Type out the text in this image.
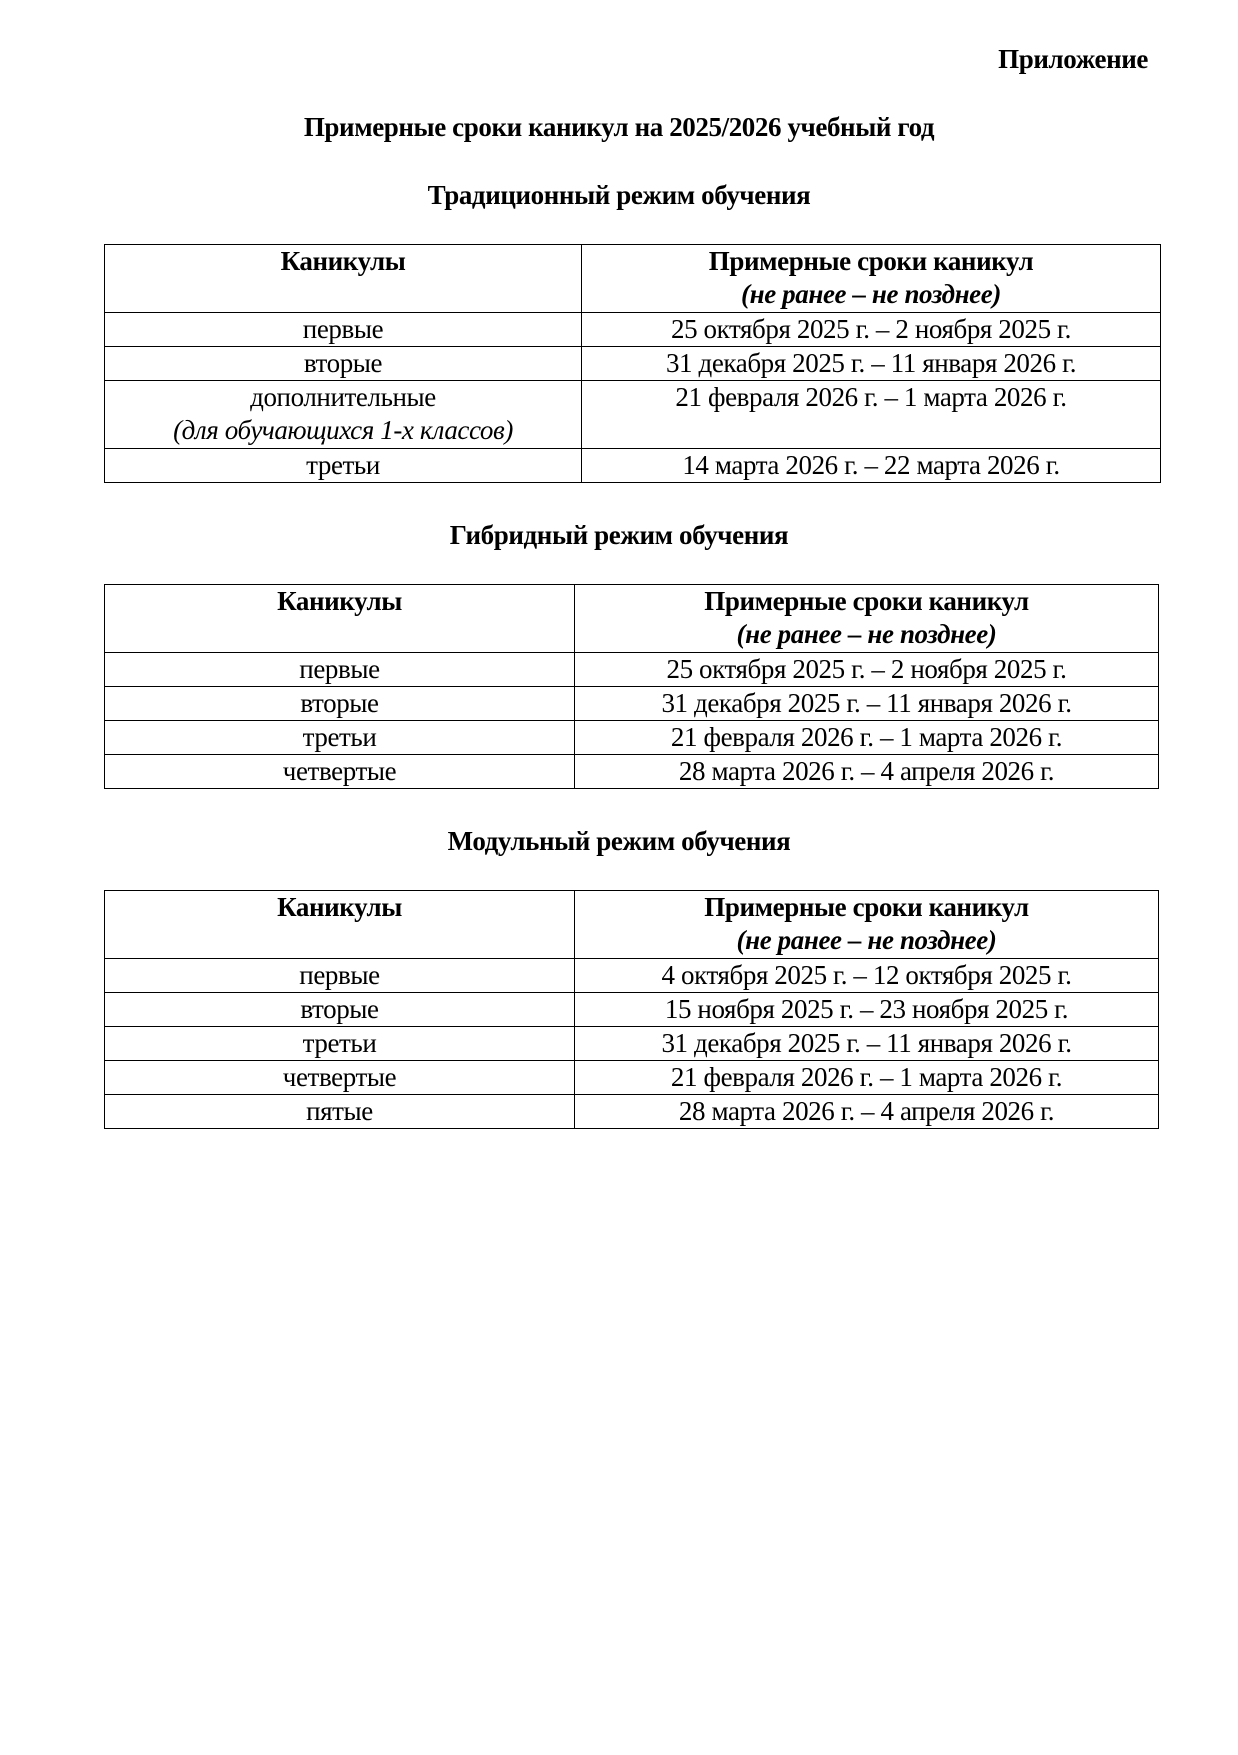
Приложение
Примерные сроки каникул на 2025/2026 учебный год
Традиционный режим обучения
Каникулы	Примерные сроки каникул
(не ранее – не позднее)

первые	25 октября 2025 г. – 2 ноября 2025 г.
вторые	31 декабря 2025 г. – 11 января 2026 г.
дополнительные
(для обучающихся 1-х классов)	21 февраля 2026 г. – 1 марта 2026 г.
третьи	14 марта 2026 г. – 22 марта 2026 г.
Гибридный режим обучения
Каникулы	Примерные сроки каникул
(не ранее – не позднее)

первые	25 октября 2025 г. – 2 ноября 2025 г.
вторые	31 декабря 2025 г. – 11 января 2026 г.
третьи	21 февраля 2026 г. – 1 марта 2026 г.
четвертые	28 марта 2026 г. – 4 апреля 2026 г.
Модульный режим обучения
Каникулы	Примерные сроки каникул
(не ранее – не позднее)

первые	4 октября 2025 г. – 12 октября 2025 г.
вторые	15 ноября 2025 г. – 23 ноября 2025 г.
третьи	31 декабря 2025 г. – 11 января 2026 г.
четвертые	21 февраля 2026 г. – 1 марта 2026 г.
пятые	28 марта 2026 г. – 4 апреля 2026 г.
